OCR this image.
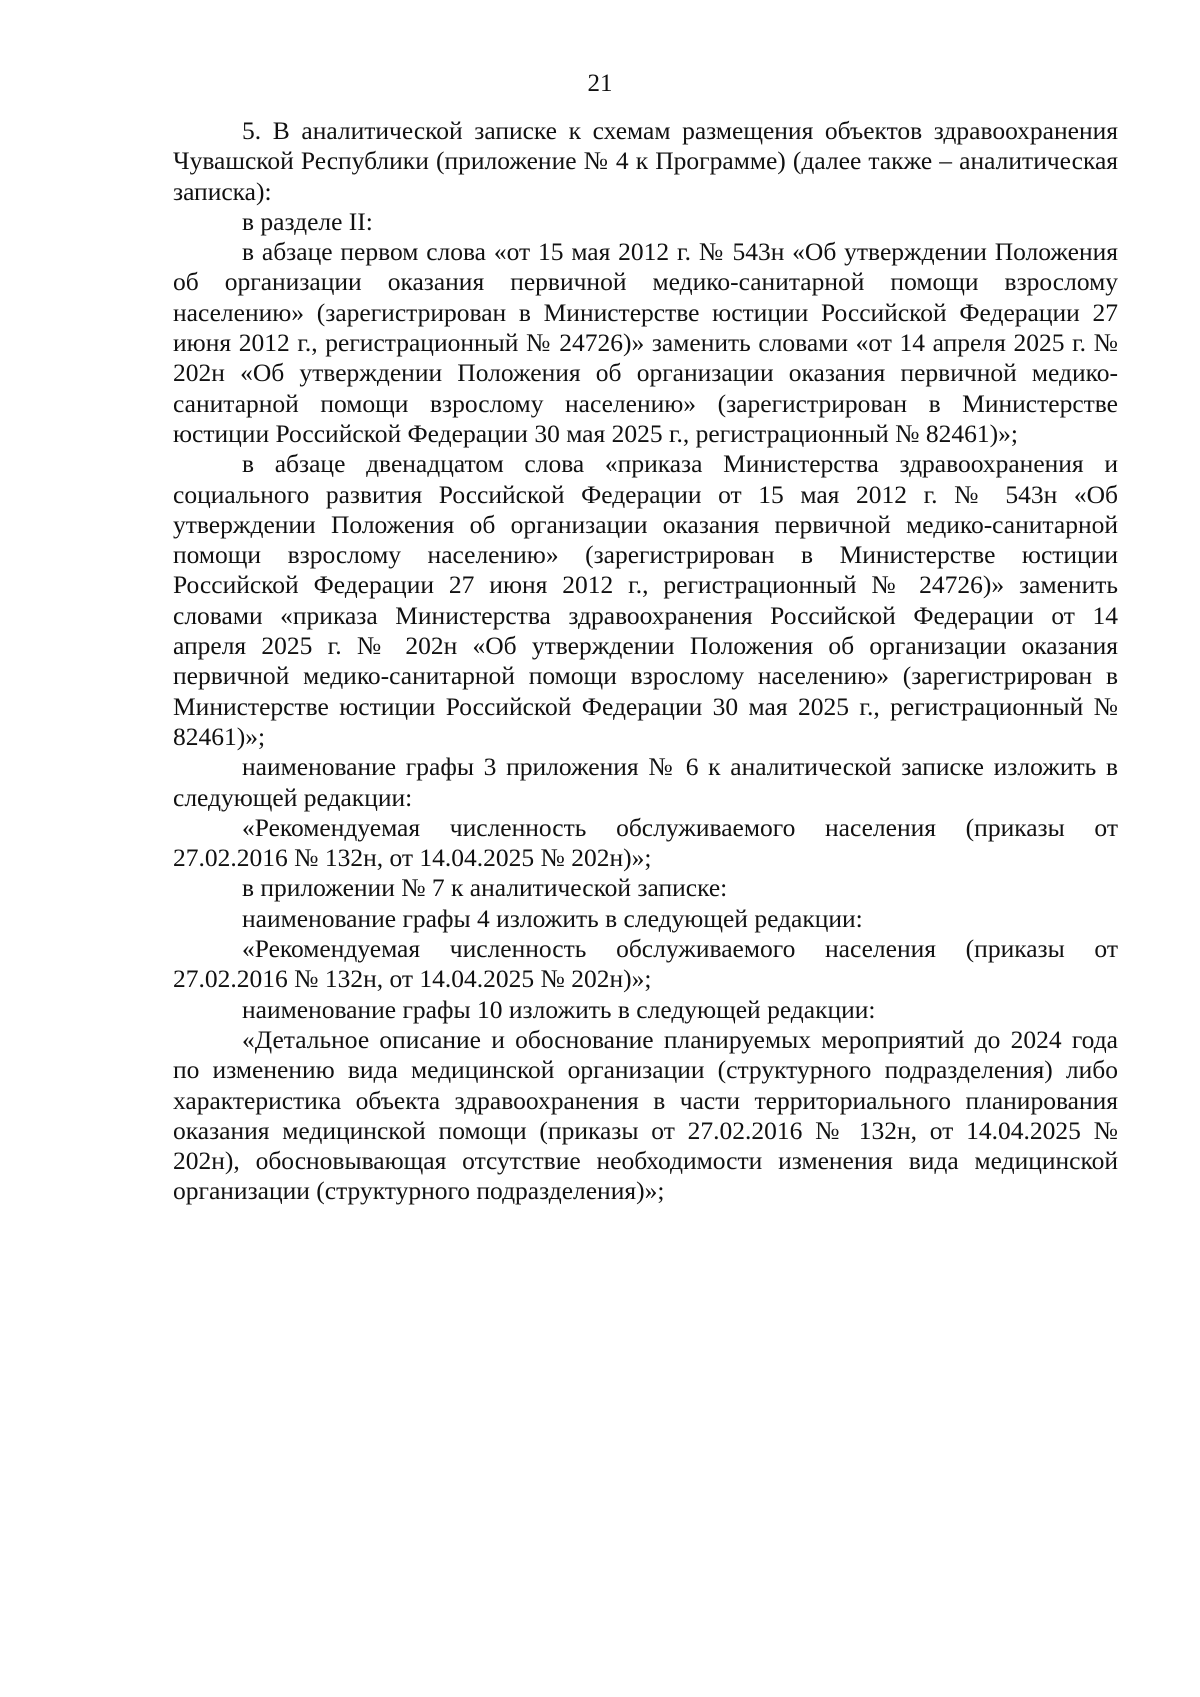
21

5. В аналитической записке к схемам размещения объектов здравоохранения Чувашской Республики (приложение № 4 к Программе) (далее также – аналитическая записка):

в разделе II:

в абзаце первом слова «от 15 мая 2012 г. № 543н «Об утверждении Положения об организации оказания первичной медико-санитарной помощи взрослому населению» (зарегистрирован в Министерстве юстиции Российской Федерации 27 июня 2012 г., регистрационный № 24726)» заменить словами «от 14 апреля 2025 г. № 202н «Об утверждении Положения об организации оказания первичной медико-санитарной помощи взрослому населению» (зарегистрирован в Министерстве юстиции Российской Федерации 30 мая 2025 г., регистрационный № 82461)»;

в абзаце двенадцатом слова «приказа Министерства здравоохранения и социального развития Российской Федерации от 15 мая 2012 г. № 543н «Об утверждении Положения об организации оказания первичной медико-санитарной помощи взрослому населению» (зарегистрирован в Министерстве юстиции Российской Федерации 27 июня 2012 г., регистрационный № 24726)» заменить словами «приказа Министерства здравоохранения Российской Федерации от 14 апреля 2025 г. № 202н «Об утверждении Положения об организации оказания первичной медико-санитарной помощи взрослому населению» (зарегистрирован в Министерстве юстиции Российской Федерации 30 мая 2025 г., регистрационный № 82461)»;

наименование графы 3 приложения № 6 к аналитической записке изложить в следующей редакции:

«Рекомендуемая численность обслуживаемого населения (приказы от 27.02.2016 № 132н, от 14.04.2025 № 202н)»;

в приложении № 7 к аналитической записке:

наименование графы 4 изложить в следующей редакции:

«Рекомендуемая численность обслуживаемого населения (приказы от 27.02.2016 № 132н, от 14.04.2025 № 202н)»;

наименование графы 10 изложить в следующей редакции:

«Детальное описание и обоснование планируемых мероприятий до 2024 года по изменению вида медицинской организации (структурного подразделения) либо характеристика объекта здравоохранения в части территориального планирования оказания медицинской помощи (приказы от 27.02.2016 № 132н, от 14.04.2025 № 202н), обосновывающая отсутствие необходимости изменения вида медицинской организации (структурного подразделения)»;
